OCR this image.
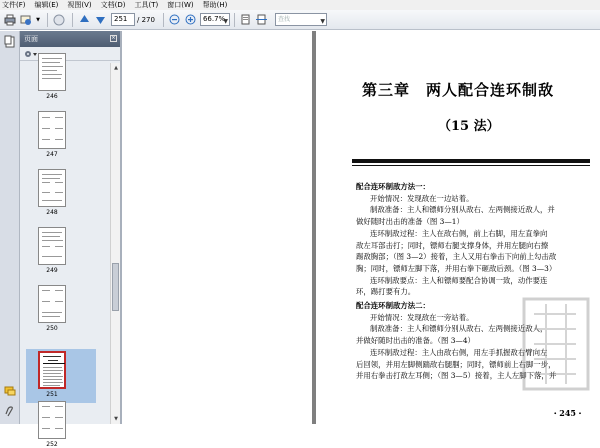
文件(F) 编辑(E) 视图(V) 文档(D) 工具(T) 窗口(W) 帮助(H)
▼	251	/ 270	66.7%
▼	查找	▼
页面	×
246
247
248
249
250
251
252
▲
▼
第三章　两人配合连环制敌
（15 法）

配合连环制敌方法一：

开始情况：发现敌在一边站着。

制敌准备：主人和镖师分别从敌右、左两侧接近敌人，并

做好随时出击的准备（图 3—1）

连环制敌过程：主人在敌右侧，前上右脚，用左直拳向

敌左耳部击打；同时，镖师右腿支撑身体，并用左腿向右擦

踢敌胸部；（图 3—2）接着，主人又用右拳击下向前上勾击敌

胸；同时，镖师左脚下落，并用右拳下砸敌后颈。（图 3—3）

连环制敌要点：主人和镖师要配合协调一致，动作要连

环，踢打要有力。

配合连环制敌方法二：

开始情况：发现敌在一旁站着。

制敌准备：主人和镖师分别从敌右、左两侧接近敌人，

并做好随时出击的准备。（图 3—4）

连环制敌过程：主人由敌右侧，用左手抓握敌右臂向左

后回领，并用左脚侧踹敌右腿腘；同时，镖师前上右脚一步，

并用右拳击打敌左耳侧；（图 3—5）接着，主人左脚下落，并

・245・
